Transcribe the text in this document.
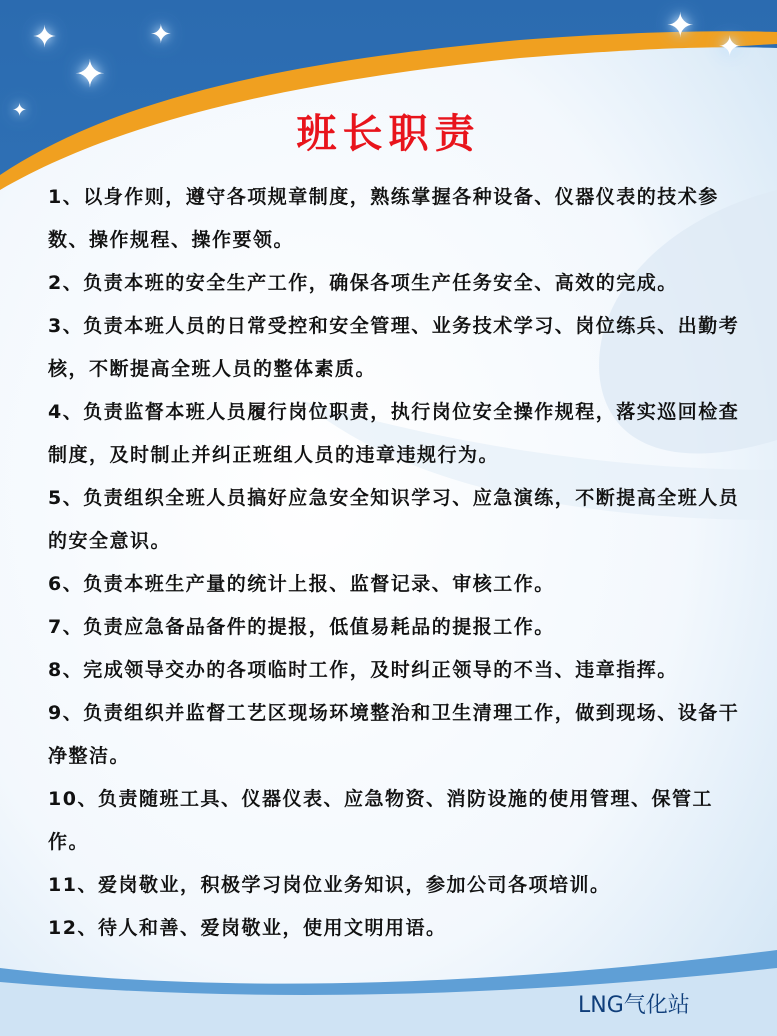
✦
✦
✦
✦
✦
✦
班长职责

1、以身作则，遵守各项规章制度，熟练掌握各种设备、仪器仪表的技术参数、操作规程、操作要领。

2、负责本班的安全生产工作，确保各项生产任务安全、高效的完成。

3、负责本班人员的日常受控和安全管理、业务技术学习、岗位练兵、出勤考核，不断提高全班人员的整体素质。

4、负责监督本班人员履行岗位职责，执行岗位安全操作规程，落实巡回检查制度，及时制止并纠正班组人员的违章违规行为。

5、负责组织全班人员搞好应急安全知识学习、应急演练，不断提高全班人员的安全意识。

6、负责本班生产量的统计上报、监督记录、审核工作。

7、负责应急备品备件的提报，低值易耗品的提报工作。

8、完成领导交办的各项临时工作，及时纠正领导的不当、违章指挥。

9、负责组织并监督工艺区现场环境整治和卫生清理工作，做到现场、设备干净整洁。

10、负责随班工具、仪器仪表、应急物资、消防设施的使用管理、保管工作。

11、爱岗敬业，积极学习岗位业务知识，参加公司各项培训。

12、待人和善、爱岗敬业，使用文明用语。

LNG气化站
